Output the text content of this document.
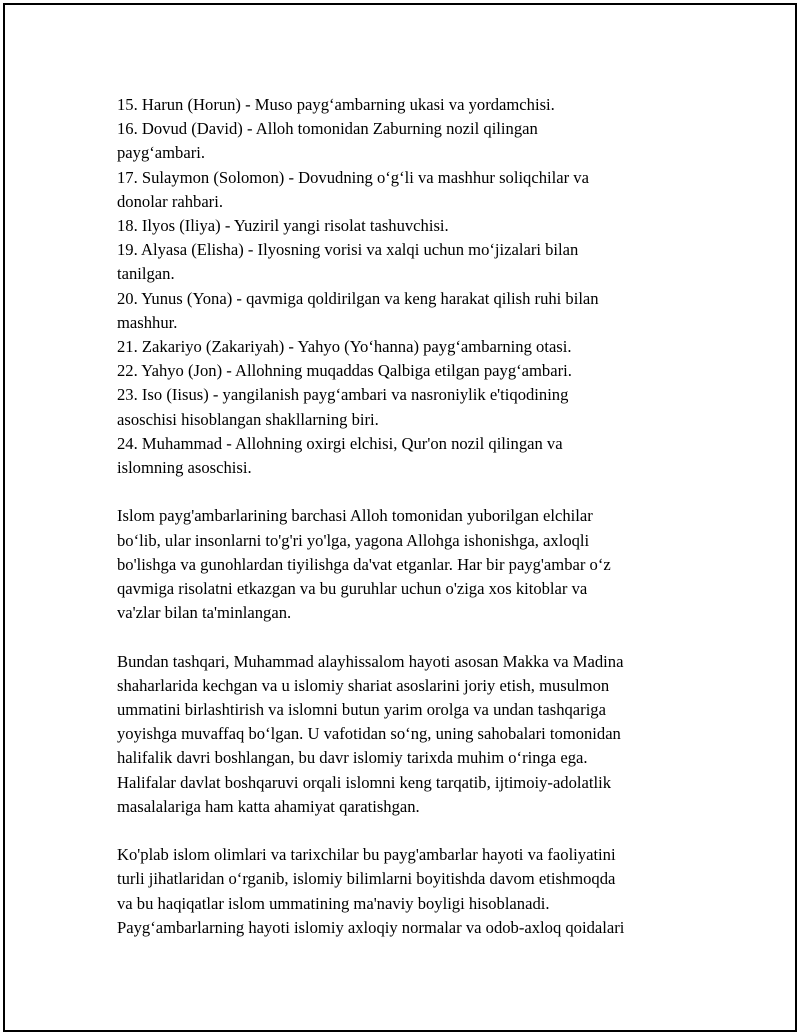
15. Harun (Horun) - Muso payg‘ambarning ukasi va yordamchisi.
16. Dovud (David) - Alloh tomonidan Zaburning nozil qilingan
payg‘ambari.
17. Sulaymon (Solomon) - Dovudning o‘g‘li va mashhur soliqchilar va
donolar rahbari.
18. Ilyos (Iliya) - Yuziril yangi risolat tashuvchisi.
19. Alyasa (Elisha) - Ilyosning vorisi va xalqi uchun mo‘jizalari bilan
tanilgan.
20. Yunus (Yona) - qavmiga qoldirilgan va keng harakat qilish ruhi bilan
mashhur.
21. Zakariyo (Zakariyah) - Yahyo (Yo‘hanna) payg‘ambarning otasi.
22. Yahyo (Jon) - Allohning muqaddas Qalbiga etilgan payg‘ambari.
23. Iso (Iisus) - yangilanish payg‘ambari va nasroniylik e'tiqodining
asoschisi hisoblangan shakllarning biri.
24. Muhammad - Allohning oxirgi elchisi, Qur'on nozil qilingan va
islomning asoschisi.
Islom payg'ambarlarining barchasi Alloh tomonidan yuborilgan elchilar
bo‘lib, ular insonlarni to'g'ri yo'lga, yagona Allohga ishonishga, axloqli
bo'lishga va gunohlardan tiyilishga da'vat etganlar. Har bir payg'ambar o‘z
qavmiga risolatni etkazgan va bu guruhlar uchun o'ziga xos kitoblar va
va'zlar bilan ta'minlangan.
Bundan tashqari, Muhammad alayhissalom hayoti asosan Makka va Madina
shaharlarida kechgan va u islomiy shariat asoslarini joriy etish, musulmon
ummatini birlashtirish va islomni butun yarim orolga va undan tashqariga
yoyishga muvaffaq bo‘lgan. U vafotidan so‘ng, uning sahobalari tomonidan
halifalik davri boshlangan, bu davr islomiy tarixda muhim o‘ringa ega.
Halifalar davlat boshqaruvi orqali islomni keng tarqatib, ijtimoiy-adolatlik
masalalariga ham katta ahamiyat qaratishgan.
Ko'plab islom olimlari va tarixchilar bu payg'ambarlar hayoti va faoliyatini
turli jihatlaridan o‘rganib, islomiy bilimlarni boyitishda davom etishmoqda
va bu haqiqatlar islom ummatining ma'naviy boyligi hisoblanadi.
Payg‘ambarlarning hayoti islomiy axloqiy normalar va odob-axloq qoidalari
